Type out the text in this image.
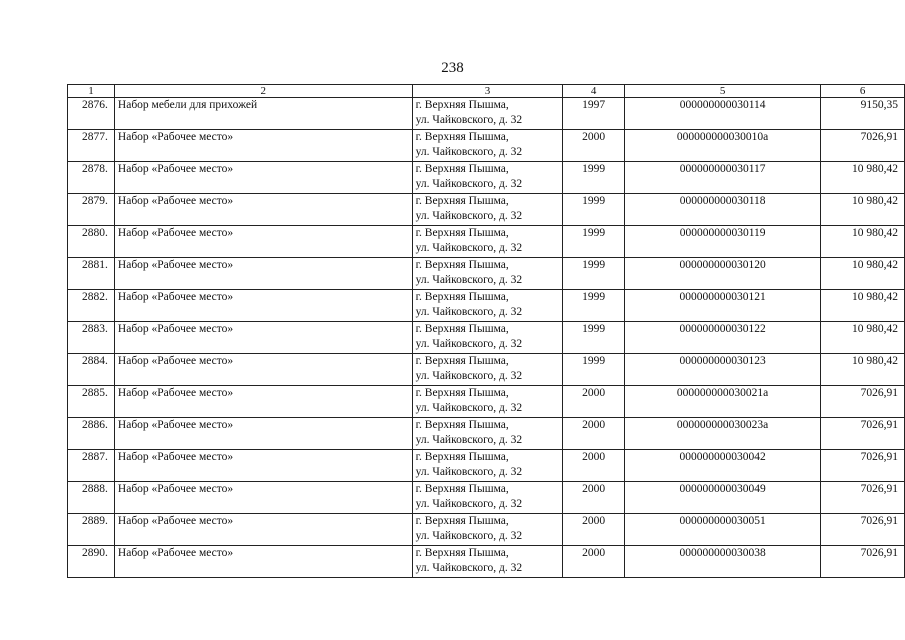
238
1	2	3	4	5	6
2876.	Набор мебели для прихожей	г. Верхняя Пышма,
ул. Чайковского, д. 32	1997	000000000030114	9150,35
2877.	Набор «Рабочее место»	г. Верхняя Пышма,
ул. Чайковского, д. 32	2000	000000000030010а	7026,91
2878.	Набор «Рабочее место»	г. Верхняя Пышма,
ул. Чайковского, д. 32	1999	000000000030117	10 980,42
2879.	Набор «Рабочее место»	г. Верхняя Пышма,
ул. Чайковского, д. 32	1999	000000000030118	10 980,42
2880.	Набор «Рабочее место»	г. Верхняя Пышма,
ул. Чайковского, д. 32	1999	000000000030119	10 980,42
2881.	Набор «Рабочее место»	г. Верхняя Пышма,
ул. Чайковского, д. 32	1999	000000000030120	10 980,42
2882.	Набор «Рабочее место»	г. Верхняя Пышма,
ул. Чайковского, д. 32	1999	000000000030121	10 980,42
2883.	Набор «Рабочее место»	г. Верхняя Пышма,
ул. Чайковского, д. 32	1999	000000000030122	10 980,42
2884.	Набор «Рабочее место»	г. Верхняя Пышма,
ул. Чайковского, д. 32	1999	000000000030123	10 980,42
2885.	Набор «Рабочее место»	г. Верхняя Пышма,
ул. Чайковского, д. 32	2000	000000000030021а	7026,91
2886.	Набор «Рабочее место»	г. Верхняя Пышма,
ул. Чайковского, д. 32	2000	000000000030023а	7026,91
2887.	Набор «Рабочее место»	г. Верхняя Пышма,
ул. Чайковского, д. 32	2000	000000000030042	7026,91
2888.	Набор «Рабочее место»	г. Верхняя Пышма,
ул. Чайковского, д. 32	2000	000000000030049	7026,91
2889.	Набор «Рабочее место»	г. Верхняя Пышма,
ул. Чайковского, д. 32	2000	000000000030051	7026,91
2890.	Набор «Рабочее место»	г. Верхняя Пышма,
ул. Чайковского, д. 32	2000	000000000030038	7026,91
